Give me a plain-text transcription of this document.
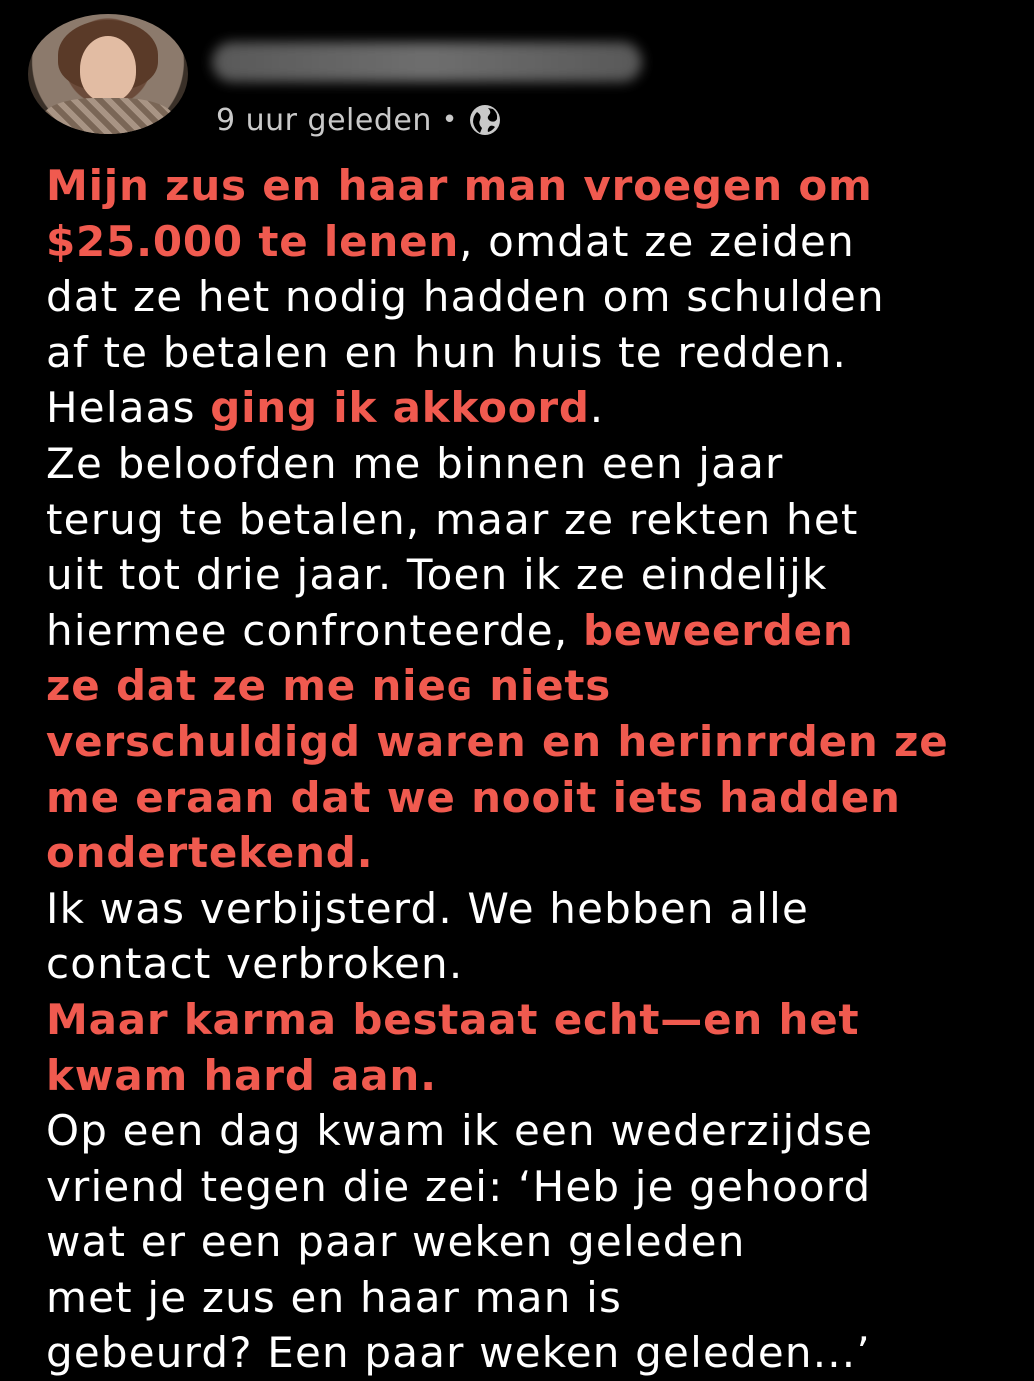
9 uur geleden •
Mijn zus en haar man vroegen om
$25.000 te lenen, omdat ze zeiden
dat ze het nodig hadden om schulden
af te betalen en hun huis te redden.
Helaas ging ik akkoord.
Ze beloofden me binnen een jaar
terug te betalen, maar ze rekten het
uit tot drie jaar. Toen ik ze eindelijk
hiermee confronteerde, beweerden
ze dat ze me nieɢ niets
verschuldigd waren en herinrrden ze
me eraan dat we nooit iets hadden
ondertekend.
Ik was verbijsterd. We hebben alle
contact verbroken.
Maar karma bestaat echt—en het
kwam hard aan.
Op een dag kwam ik een wederzijdse
vriend tegen die zei: ‘Heb je gehoord
wat er een paar weken geleden
met je zus en haar man is
gebeurd? Een paar weken geleden...’
